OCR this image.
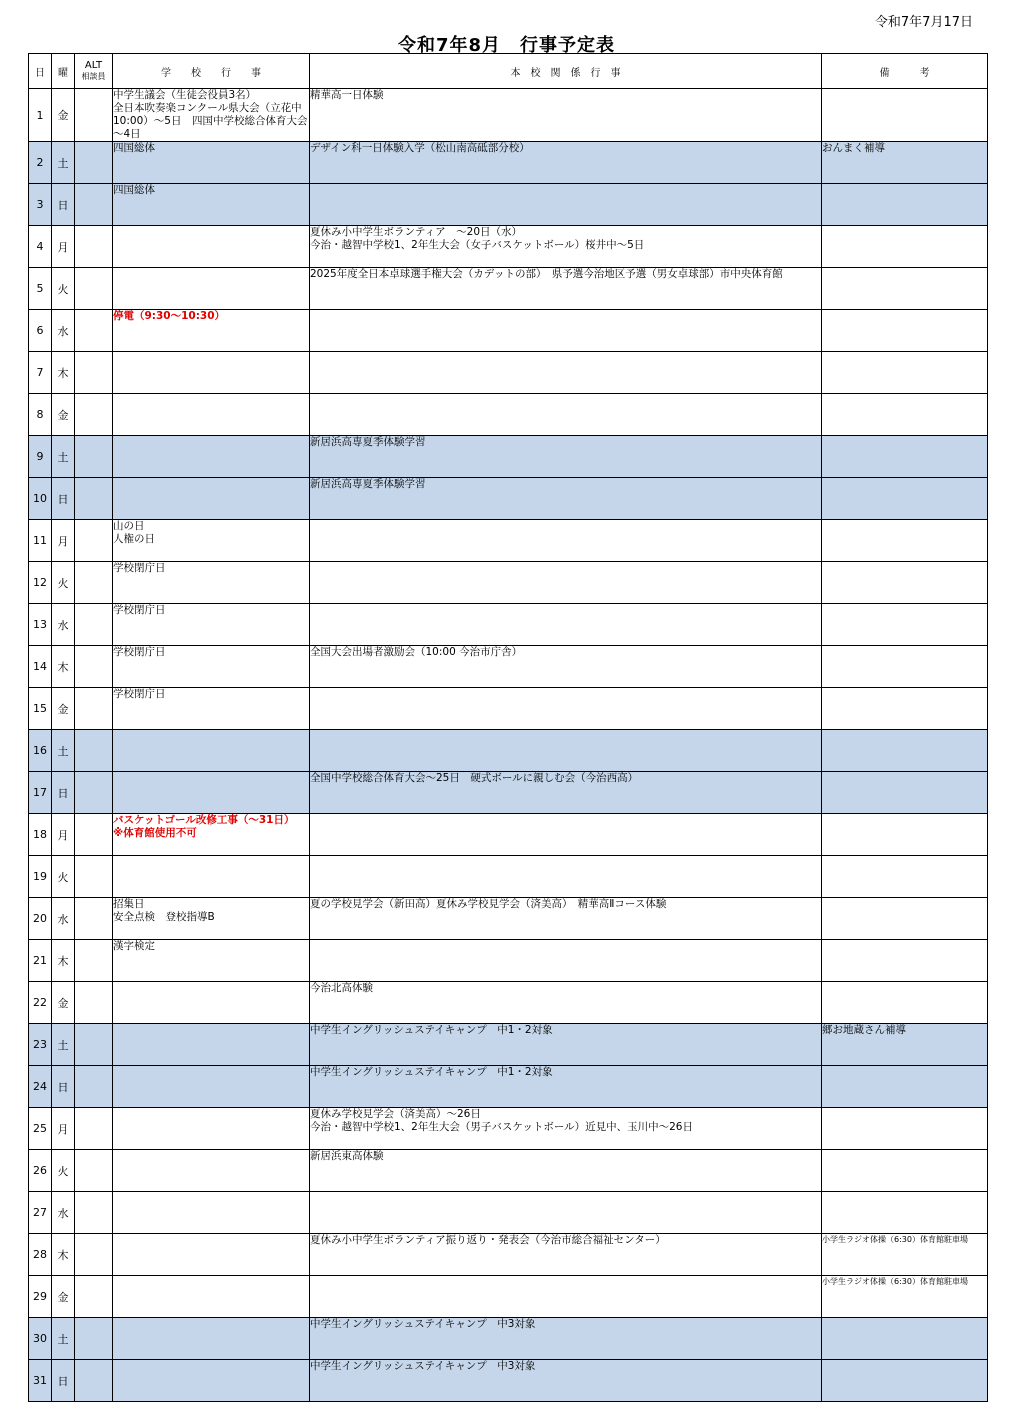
令和7年7月17日
令和7年8月　行事予定表
日	曜	ALT
相談員	学　　校　　行　　事	本　校　関　係　行　事	備　　　考
1	金		中学生議会（生徒会役員3名）
全日本吹奏楽コンクール県大会（立花中 10:00）～5日　四国中学校総合体育大会～4日	精華高一日体験	
2	土		四国総体	デザイン科一日体験入学（松山南高砥部分校）	おんまく補導
3	日		四国総体		
4	月			夏休み小中学生ボランティア　～20日（水）
今治・越智中学校1、2年生大会（女子バスケットボール）桜井中～5日	
5	火			2025年度全日本卓球選手権大会（カデットの部）　県予選今治地区予選（男女卓球部）市中央体育館	
6	水		停電（9:30～10:30）		
7	木				
8	金				
9	土			新居浜高専夏季体験学習	
10	日			新居浜高専夏季体験学習	
11	月		山の日
人権の日		
12	火		学校閉庁日		
13	水		学校閉庁日		
14	木		学校閉庁日	全国大会出場者激励会（10:00 今治市庁舎）	
15	金		学校閉庁日		
16	土				
17	日			全国中学校総合体育大会～25日　硬式ボールに親しむ会（今治西高）	
18	月		バスケットゴール改修工事（～31日）
※体育館使用不可		
19	火				
20	水		招集日
安全点検　登校指導B	夏の学校見学会（新田高）夏休み学校見学会（済美高）　精華高Ⅱコース体験	
21	木		漢字検定		
22	金			今治北高体験	
23	土			中学生イングリッシュステイキャンプ　中1・2対象	郷お地蔵さん補導
24	日			中学生イングリッシュステイキャンプ　中1・2対象	
25	月			夏休み学校見学会（済美高）～26日
今治・越智中学校1、2年生大会（男子バスケットボール）近見中、玉川中～26日	
26	火			新居浜東高体験	
27	水				
28	木			夏休み小中学生ボランティア振り返り・発表会（今治市総合福祉センター）	小学生ラジオ体操（6:30）体育館駐車場
29	金				小学生ラジオ体操（6:30）体育館駐車場
30	土			中学生イングリッシュステイキャンプ　中3対象	
31	日			中学生イングリッシュステイキャンプ　中3対象	
